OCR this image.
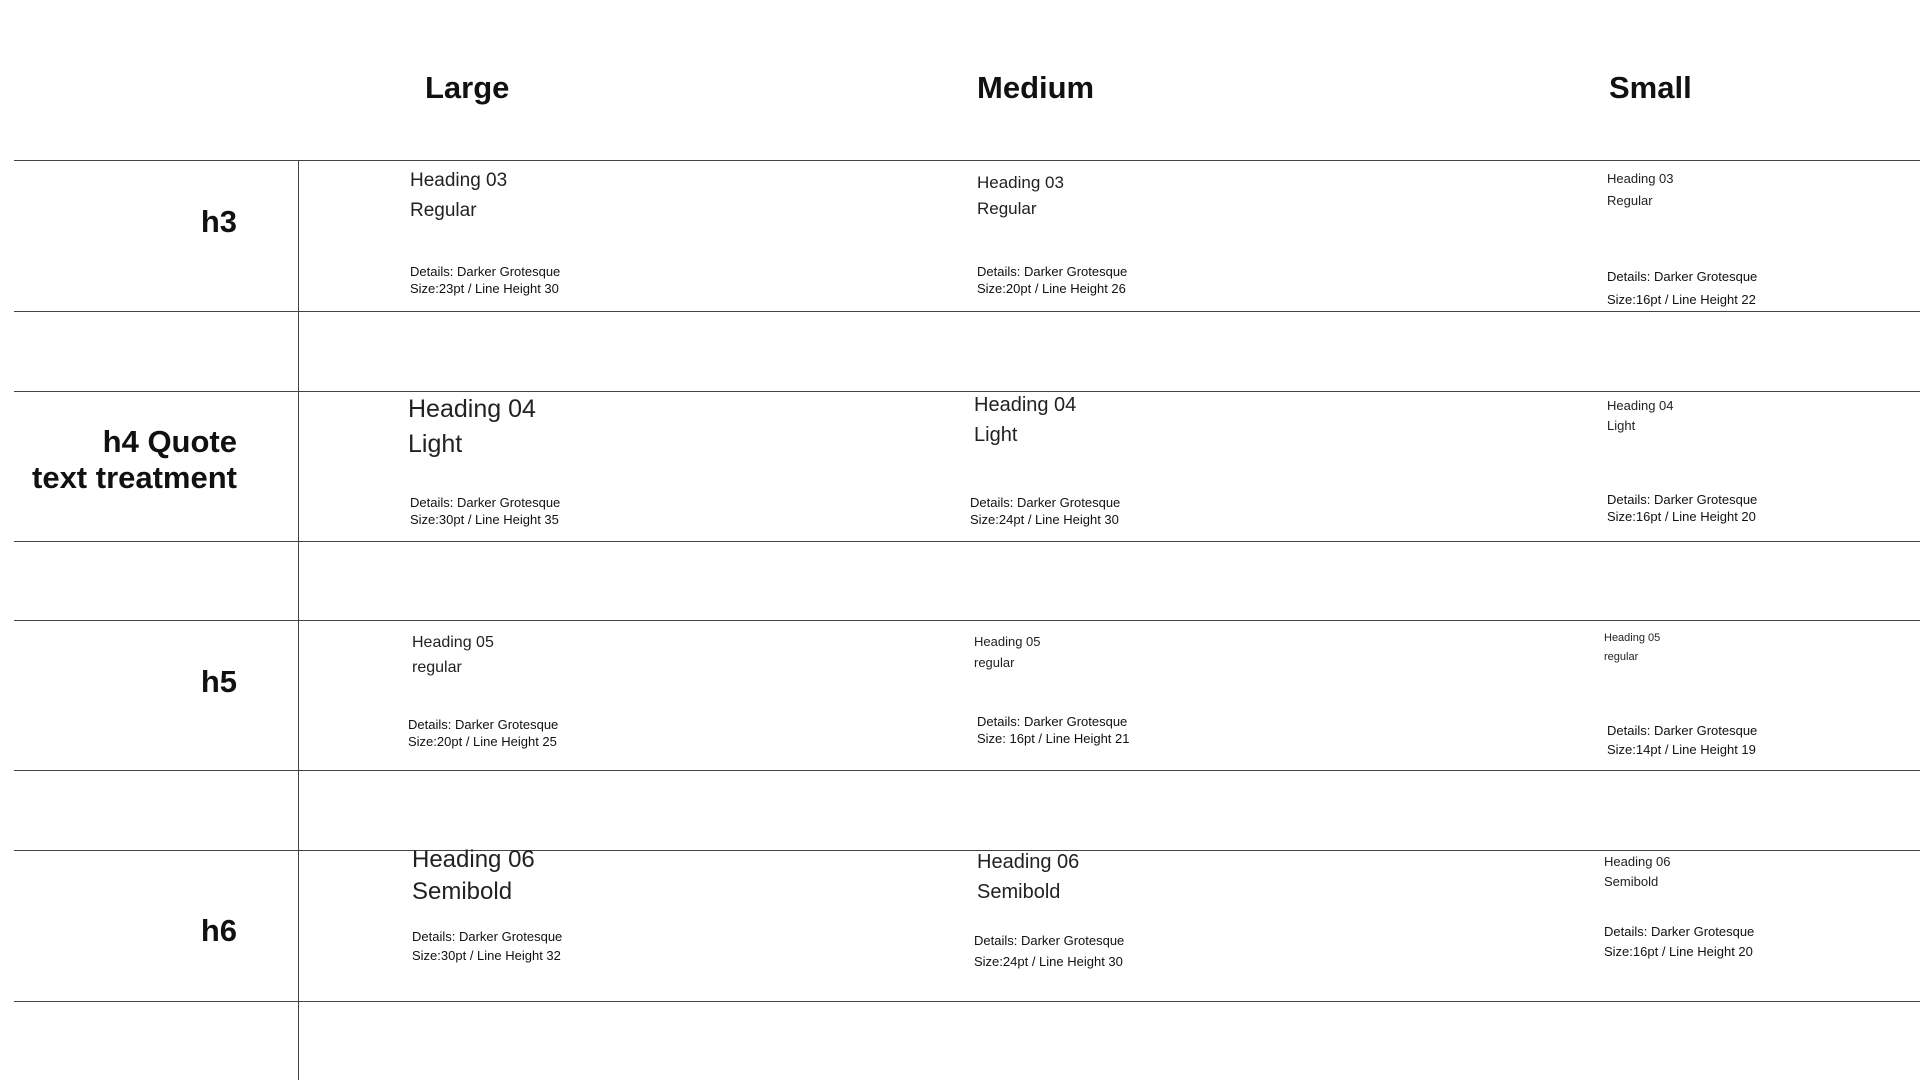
Large	Medium	Small
h3
h4 Quote
text treatment
h5
h6
Heading 03
Regular
Details: Darker Grotesque
Size:23pt / Line Height 30
Heading 03
Regular
Details: Darker Grotesque
Size:20pt / Line Height 26
Heading 03
Regular
Details: Darker Grotesque
Size:16pt / Line Height 22
Heading 04
Light
Details: Darker Grotesque
Size:30pt / Line Height 35
Heading 04
Light
Details: Darker Grotesque
Size:24pt / Line Height 30
Heading 04
Light
Details: Darker Grotesque
Size:16pt / Line Height 20
Heading 05
regular
Details: Darker Grotesque
Size:20pt / Line Height 25
Heading 05
regular
Details: Darker Grotesque
Size: 16pt / Line Height 21
Heading 05
regular
Details: Darker Grotesque
Size:14pt / Line Height 19
Heading 06
Semibold
Details: Darker Grotesque
Size:30pt / Line Height 32
Heading 06
Semibold
Details: Darker Grotesque
Size:24pt / Line Height 30
Heading 06
Semibold
Details: Darker Grotesque
Size:16pt / Line Height 20
